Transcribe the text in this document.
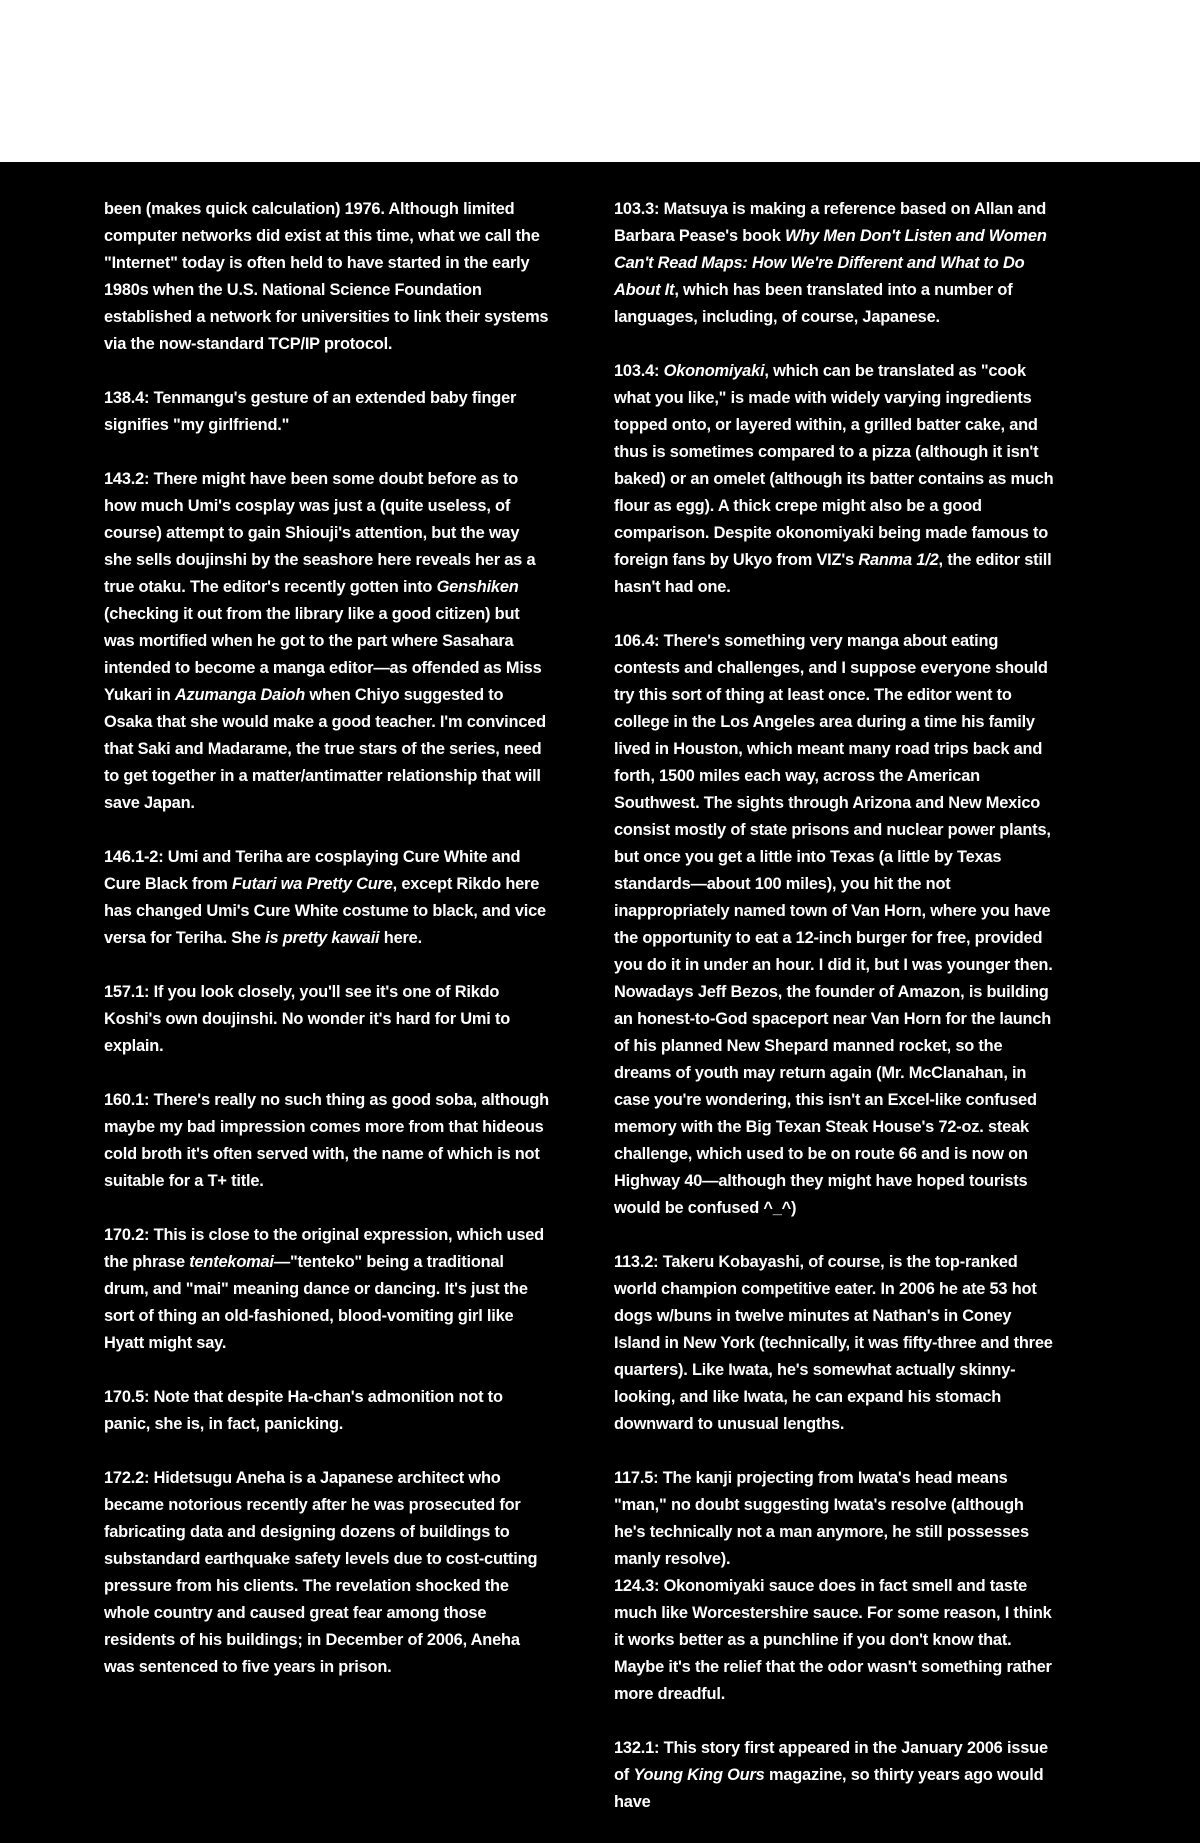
been (makes quick calculation) 1976. Although limited computer networks did exist at this time, what we call the "Internet" today is often held to have started in the early 1980s when the U.S. National Science Foundation established a network for universities to link their systems via the now-standard TCP/IP protocol.

138.4: Tenmangu's gesture of an extended baby finger signifies "my girlfriend."

143.2: There might have been some doubt before as to how much Umi's cosplay was just a (quite useless, of course) attempt to gain Shiouji's attention, but the way she sells doujinshi by the seashore here reveals her as a true otaku. The editor's recently gotten into Genshiken (checking it out from the library like a good citizen) but was mortified when he got to the part where Sasahara intended to become a manga editor—as offended as Miss Yukari in Azumanga Daioh when Chiyo suggested to Osaka that she would make a good teacher. I'm convinced that Saki and Madarame, the true stars of the series, need to get together in a matter/antimatter relationship that will save Japan.

146.1-2: Umi and Teriha are cosplaying Cure White and Cure Black from Futari wa Pretty Cure, except Rikdo here has changed Umi's Cure White costume to black, and vice versa for Teriha. She is pretty kawaii here.

157.1: If you look closely, you'll see it's one of Rikdo Koshi's own doujinshi. No wonder it's hard for Umi to explain.

160.1: There's really no such thing as good soba, although maybe my bad impression comes more from that hideous cold broth it's often served with, the name of which is not suitable for a T+ title.

170.2: This is close to the original expression, which used the phrase tentekomai—"tenteko" being a traditional drum, and "mai" meaning dance or dancing. It's just the sort of thing an old-fashioned, blood-vomiting girl like Hyatt might say.

170.5: Note that despite Ha-chan's admonition not to panic, she is, in fact, panicking.

172.2: Hidetsugu Aneha is a Japanese architect who became notorious recently after he was prosecuted for fabricating data and designing dozens of buildings to substandard earthquake safety levels due to cost-cutting pressure from his clients. The revelation shocked the whole country and caused great fear among those residents of his buildings; in December of 2006, Aneha was sentenced to five years in prison.

103.3: Matsuya is making a reference based on Allan and Barbara Pease's book Why Men Don't Listen and Women Can't Read Maps: How We're Different and What to Do About It, which has been translated into a number of languages, including, of course, Japanese.

103.4: Okonomiyaki, which can be translated as "cook what you like," is made with widely varying ingredients topped onto, or layered within, a grilled batter cake, and thus is sometimes compared to a pizza (although it isn't baked) or an omelet (although its batter contains as much flour as egg). A thick crepe might also be a good comparison. Despite okonomiyaki being made famous to foreign fans by Ukyo from VIZ's Ranma 1/2, the editor still hasn't had one.

106.4: There's something very manga about eating contests and challenges, and I suppose everyone should try this sort of thing at least once. The editor went to college in the Los Angeles area during a time his family lived in Houston, which meant many road trips back and forth, 1500 miles each way, across the American Southwest. The sights through Arizona and New Mexico consist mostly of state prisons and nuclear power plants, but once you get a little into Texas (a little by Texas standards—about 100 miles), you hit the not inappropriately named town of Van Horn, where you have the opportunity to eat a 12-inch burger for free, provided you do it in under an hour. I did it, but I was younger then. Nowadays Jeff Bezos, the founder of Amazon, is building an honest-to-God spaceport near Van Horn for the launch of his planned New Shepard manned rocket, so the dreams of youth may return again (Mr. McClanahan, in case you're wondering, this isn't an Excel-like confused memory with the Big Texan Steak House's 72-oz. steak challenge, which used to be on route 66 and is now on Highway 40—although they might have hoped tourists would be confused ^_^)

113.2: Takeru Kobayashi, of course, is the top-ranked world champion competitive eater. In 2006 he ate 53 hot dogs w/buns in twelve minutes at Nathan's in Coney Island in New York (technically, it was fifty-three and three quarters). Like Iwata, he's somewhat actually skinny-looking, and like Iwata, he can expand his stomach downward to unusual lengths.

117.5: The kanji projecting from Iwata's head means "man," no doubt suggesting Iwata's resolve (although he's technically not a man anymore, he still possesses manly resolve).

124.3: Okonomiyaki sauce does in fact smell and taste much like Worcestershire sauce. For some reason, I think it works better as a punchline if you don't know that. Maybe it's the relief that the odor wasn't something rather more dreadful.

132.1: This story first appeared in the January 2006 issue of Young King Ours magazine, so thirty years ago would have
